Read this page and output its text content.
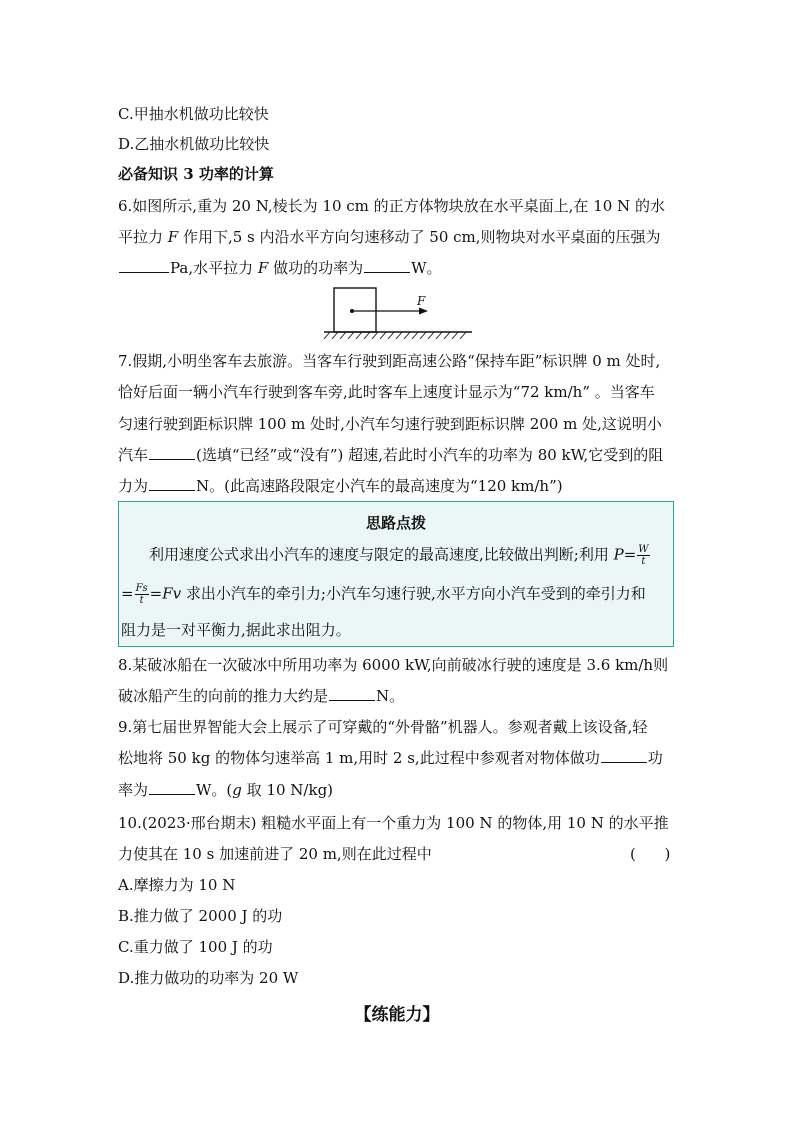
C.甲抽水机做功比较快
D.乙抽水机做功比较快
必备知识 3 功率的计算
6.如图所示,重为 20 N,棱长为 10 cm 的正方体物块放在水平桌面上,在 10 N 的水
平拉力 F 作用下,5 s 内沿水平方向匀速移动了 50 cm,则物块对水平桌面的压强为
Pa,水平拉力 F 做功的功率为	W。
F
7.假期,小明坐客车去旅游。当客车行驶到距高速公路“保持车距”标识牌 0 m 处时,
恰好后面一辆小汽车行驶到客车旁,此时客车上速度计显示为“72 km/h” 。当客车
匀速行驶到距标识牌 100 m 处时,小汽车匀速行驶到距标识牌 200 m 处,这说明小
汽车	(选填“已经”或“没有”) 超速,若此时小汽车的功率为 80 kW,它受到的阻
力为	N。(此高速路段限定小汽车的最高速度为“120 km/h”)
思路点拨
利用速度公式求出小汽车的速度与限定的最高速度,比较做出判断;利用 $P= \frac{W}{t}$
= $\frac{Fs}{t} =Fv$ 求出小汽车的牵引力;小汽车匀速行驶,水平方向小汽车受到的牵引力和
阻力是一对平衡力,据此求出阻力。
8.某破冰船在一次破冰中所用功率为 6000 kW,向前破冰行驶的速度是 3.6 km/h则
破冰船产生的向前的推力大约是	N。
9.第七届世界智能大会上展示了可穿戴的“外骨骼”机器人。参观者戴上该设备,轻
松地将 50 kg 的物体匀速举高 1 m,用时 2 s,此过程中参观者对物体做功	功
率为	W。(g 取 10 N/kg)
10.(2023·邢台期末) 粗糙水平面上有一个重力为 100 N 的物体,用 10 N 的水平推
力使其在 10 s 加速前进了 20 m,则在此过程中	(      )
A.摩擦力为 10 N
B.推力做了 2000 J 的功
C.重力做了 100 J 的功
D.推力做功的功率为 20 W
【练能力】
